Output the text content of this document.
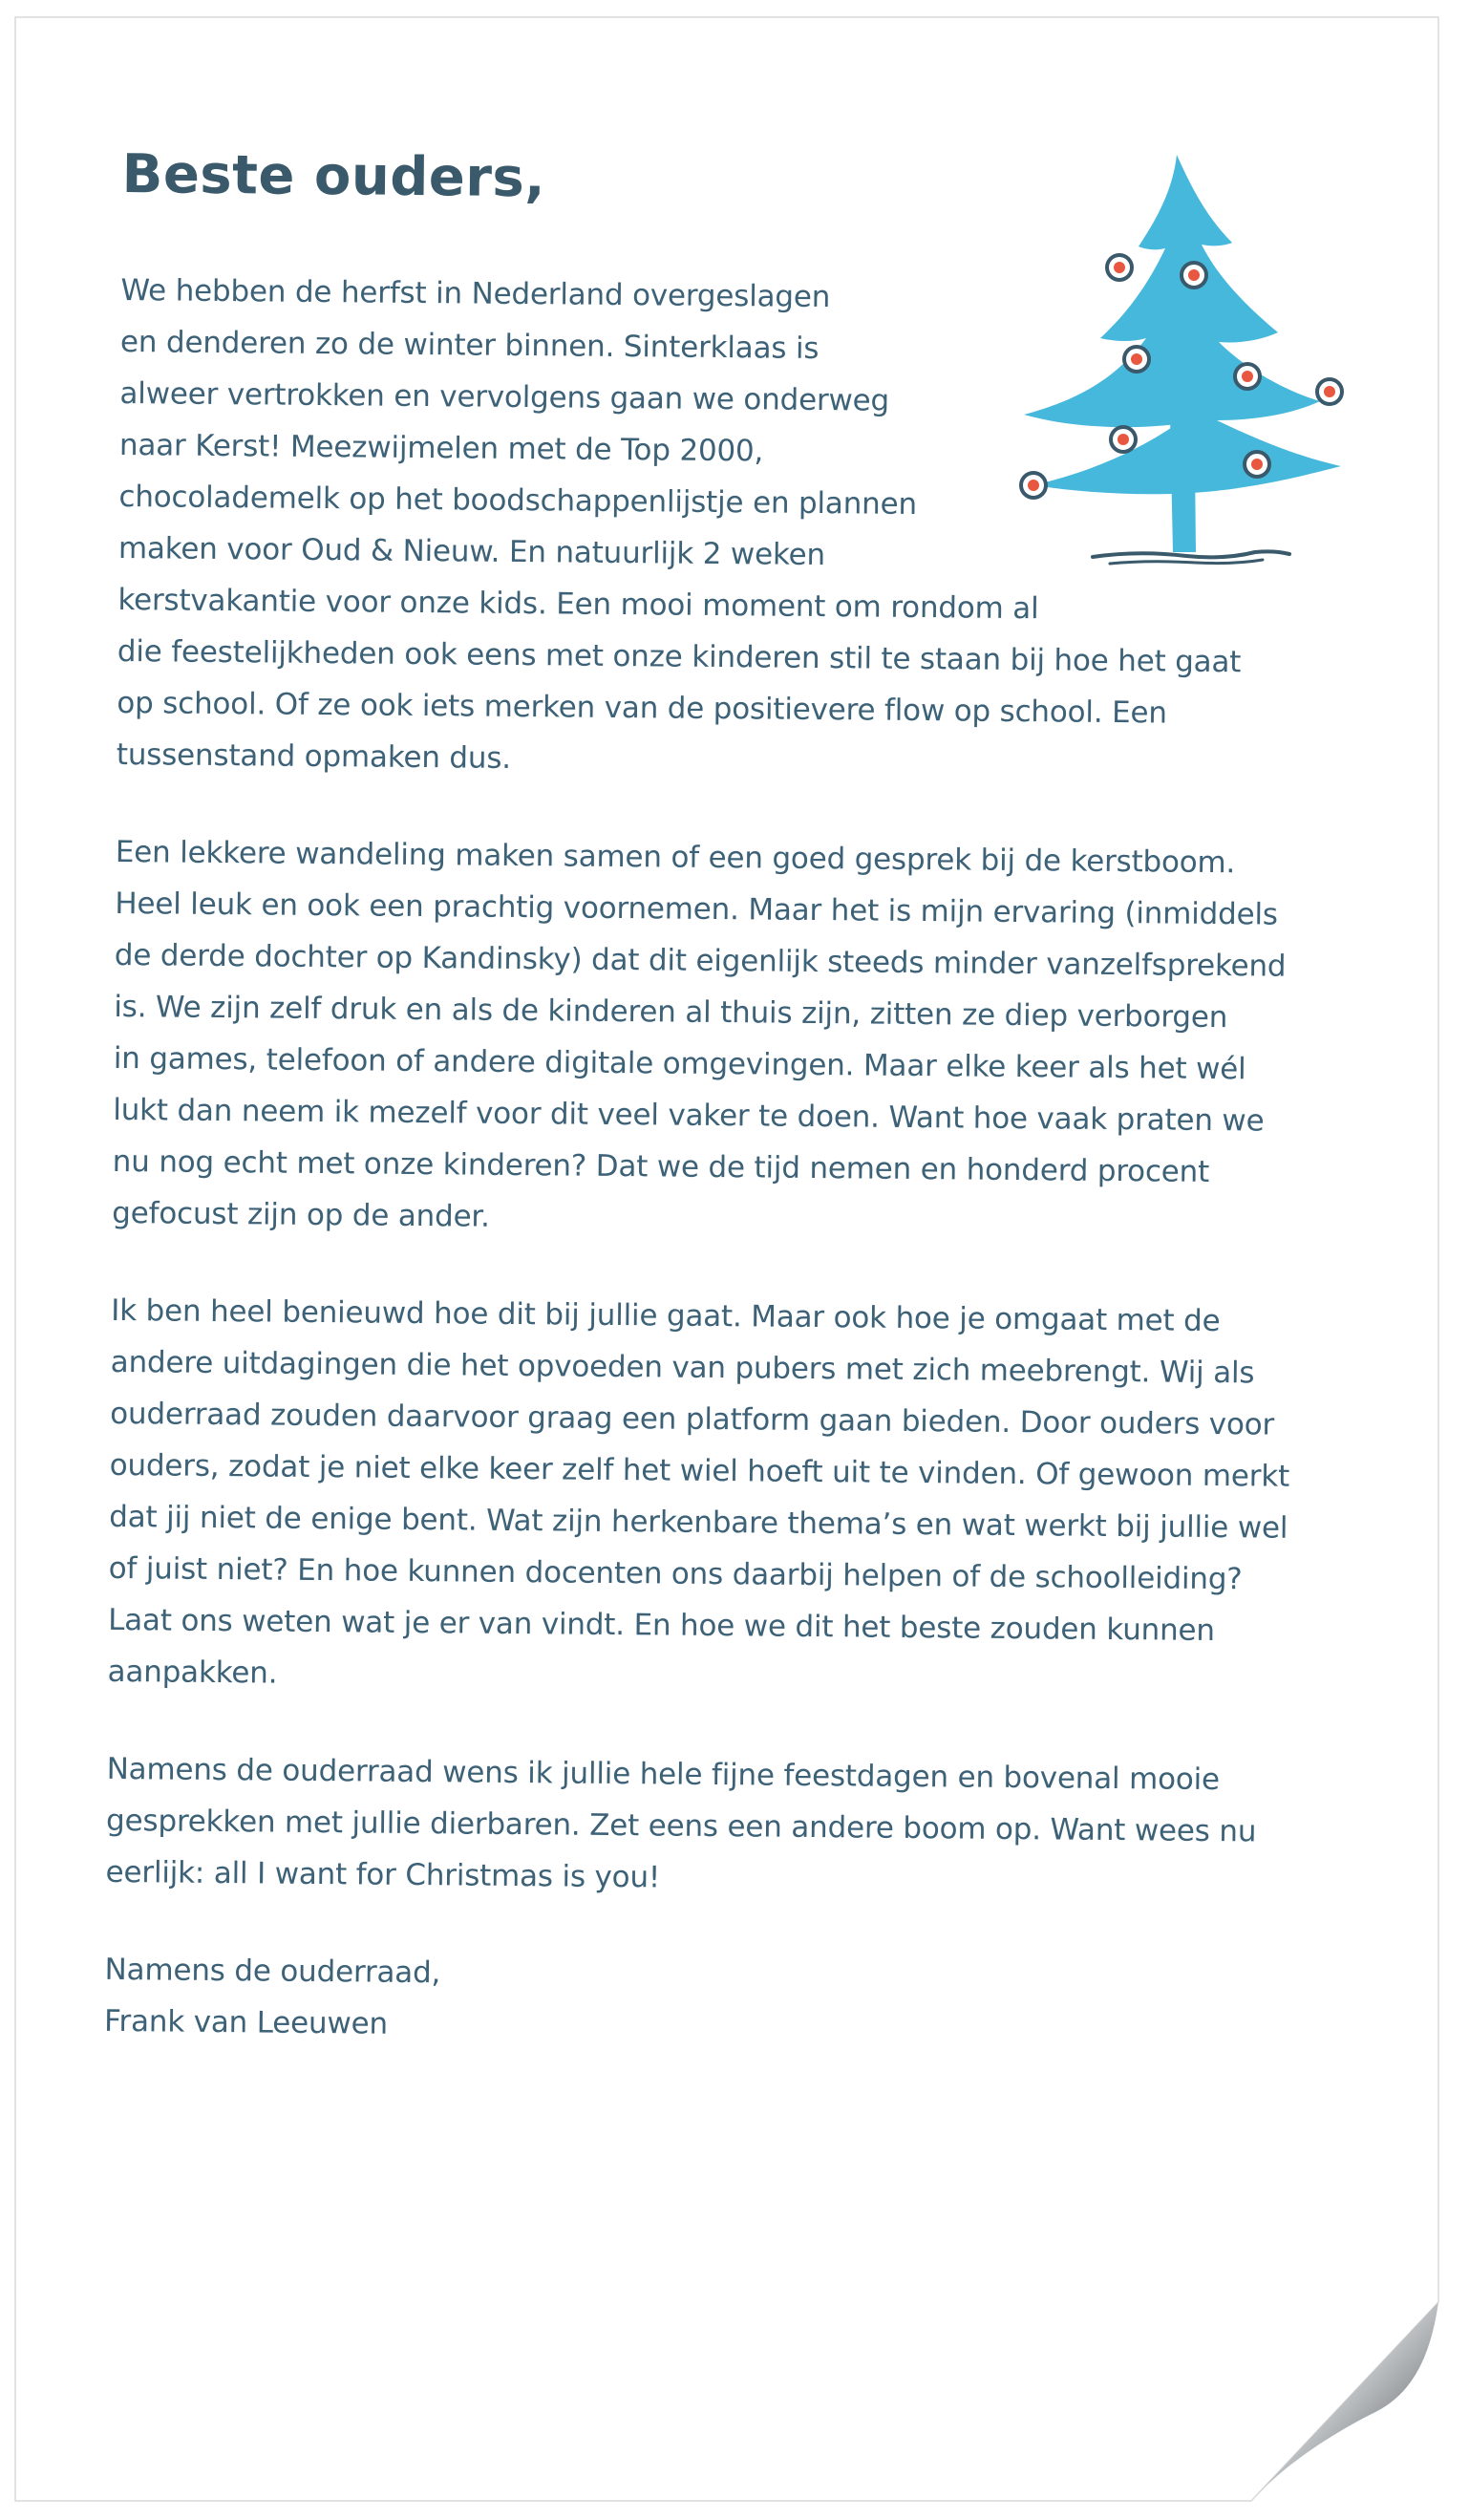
Beste ouders,
We hebben de herfst in Nederland overgeslagen
en denderen zo de winter binnen. Sinterklaas is
alweer vertrokken en vervolgens gaan we onderweg
naar Kerst! Meezwijmelen met de Top 2000,
chocolademelk op het boodschappenlijstje en plannen
maken voor Oud & Nieuw. En natuurlijk 2 weken
kerstvakantie voor onze kids. Een mooi moment om rondom al
die feestelijkheden ook eens met onze kinderen stil te staan bij hoe het gaat
op school. Of ze ook iets merken van de positievere flow op school. Een
tussenstand opmaken dus.
Een lekkere wandeling maken samen of een goed gesprek bij de kerstboom.
Heel leuk en ook een prachtig voornemen. Maar het is mijn ervaring (inmiddels
de derde dochter op Kandinsky) dat dit eigenlijk steeds minder vanzelfsprekend
is. We zijn zelf druk en als de kinderen al thuis zijn, zitten ze diep verborgen
in games, telefoon of andere digitale omgevingen. Maar elke keer als het wél
lukt dan neem ik mezelf voor dit veel vaker te doen. Want hoe vaak praten we
nu nog echt met onze kinderen? Dat we de tijd nemen en honderd procent
gefocust zijn op de ander.
Ik ben heel benieuwd hoe dit bij jullie gaat. Maar ook hoe je omgaat met de
andere uitdagingen die het opvoeden van pubers met zich meebrengt. Wij als
ouderraad zouden daarvoor graag een platform gaan bieden. Door ouders voor
ouders, zodat je niet elke keer zelf het wiel hoeft uit te vinden. Of gewoon merkt
dat jij niet de enige bent. Wat zijn herkenbare thema’s en wat werkt bij jullie wel
of juist niet? En hoe kunnen docenten ons daarbij helpen of de schoolleiding?
Laat ons weten wat je er van vindt. En hoe we dit het beste zouden kunnen
aanpakken.
Namens de ouderraad wens ik jullie hele fijne feestdagen en bovenal mooie
gesprekken met jullie dierbaren. Zet eens een andere boom op. Want wees nu
eerlijk: all I want for Christmas is you!
Namens de ouderraad,
Frank van Leeuwen
